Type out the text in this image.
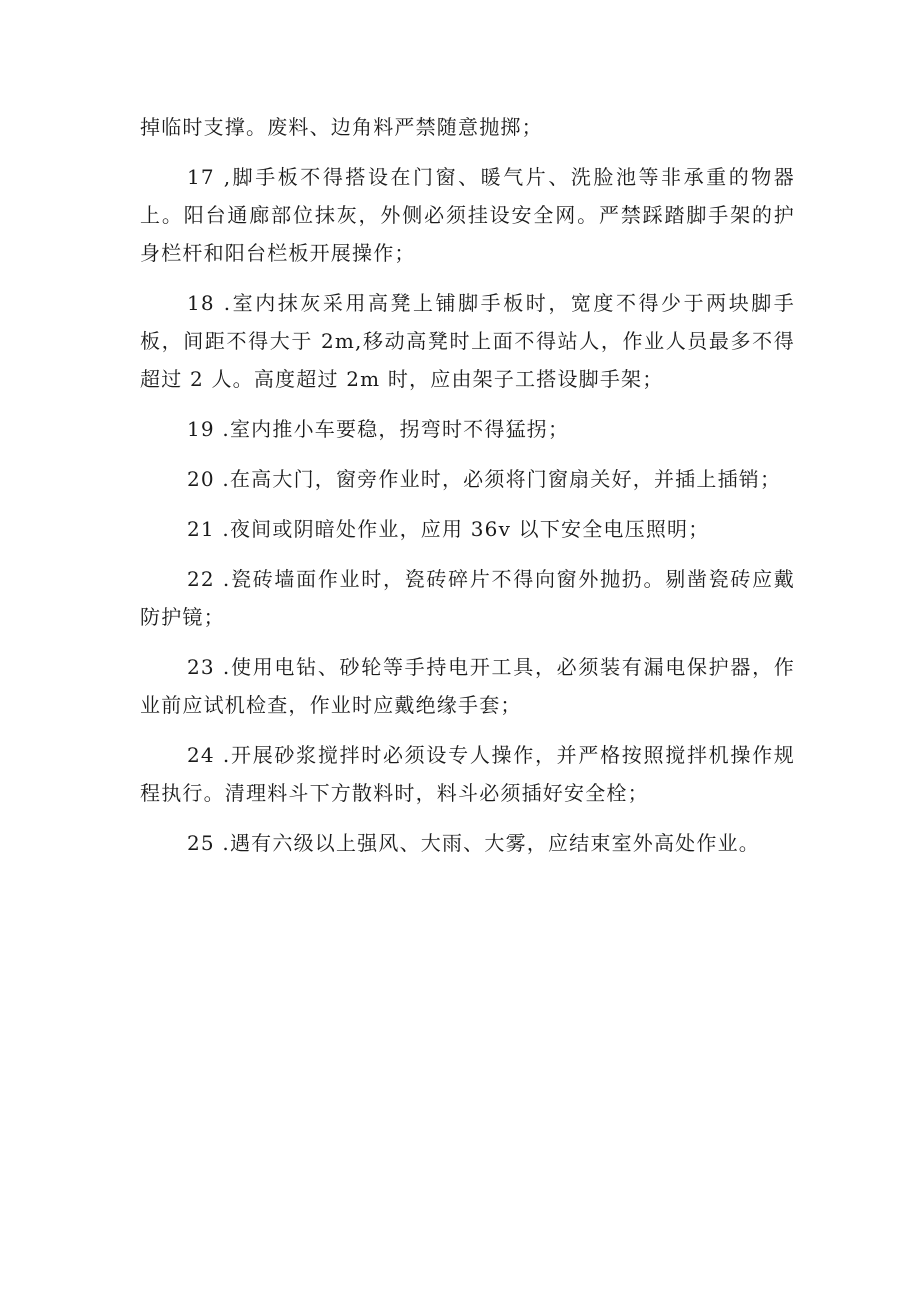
掉临时支撑。废料、边角料严禁随意抛掷；

17 ,脚手板不得搭设在门窗、暖气片、洗脸池等非承重的物器上。阳台通廊部位抹灰，外侧必须挂设安全网。严禁踩踏脚手架的护身栏杆和阳台栏板开展操作；

18 .室内抹灰采用高凳上铺脚手板时，宽度不得少于两块脚手板，间距不得大于 2m,移动高凳时上面不得站人，作业人员最多不得超过 2 人。高度超过 2m 时，应由架子工搭设脚手架；

19 .室内推小车要稳，拐弯时不得猛拐；

20 .在高大门，窗旁作业时，必须将门窗扇关好，并插上插销；

21 .夜间或阴暗处作业，应用 36v 以下安全电压照明；

22 .瓷砖墙面作业时，瓷砖碎片不得向窗外抛扔。剔凿瓷砖应戴防护镜；

23 .使用电钻、砂轮等手持电开工具，必须装有漏电保护器，作业前应试机检查，作业时应戴绝缘手套；

24 .开展砂浆搅拌时必须设专人操作，并严格按照搅拌机操作规程执行。清理料斗下方散料时，料斗必须插好安全栓；

25 .遇有六级以上强风、大雨、大雾，应结束室外高处作业。
